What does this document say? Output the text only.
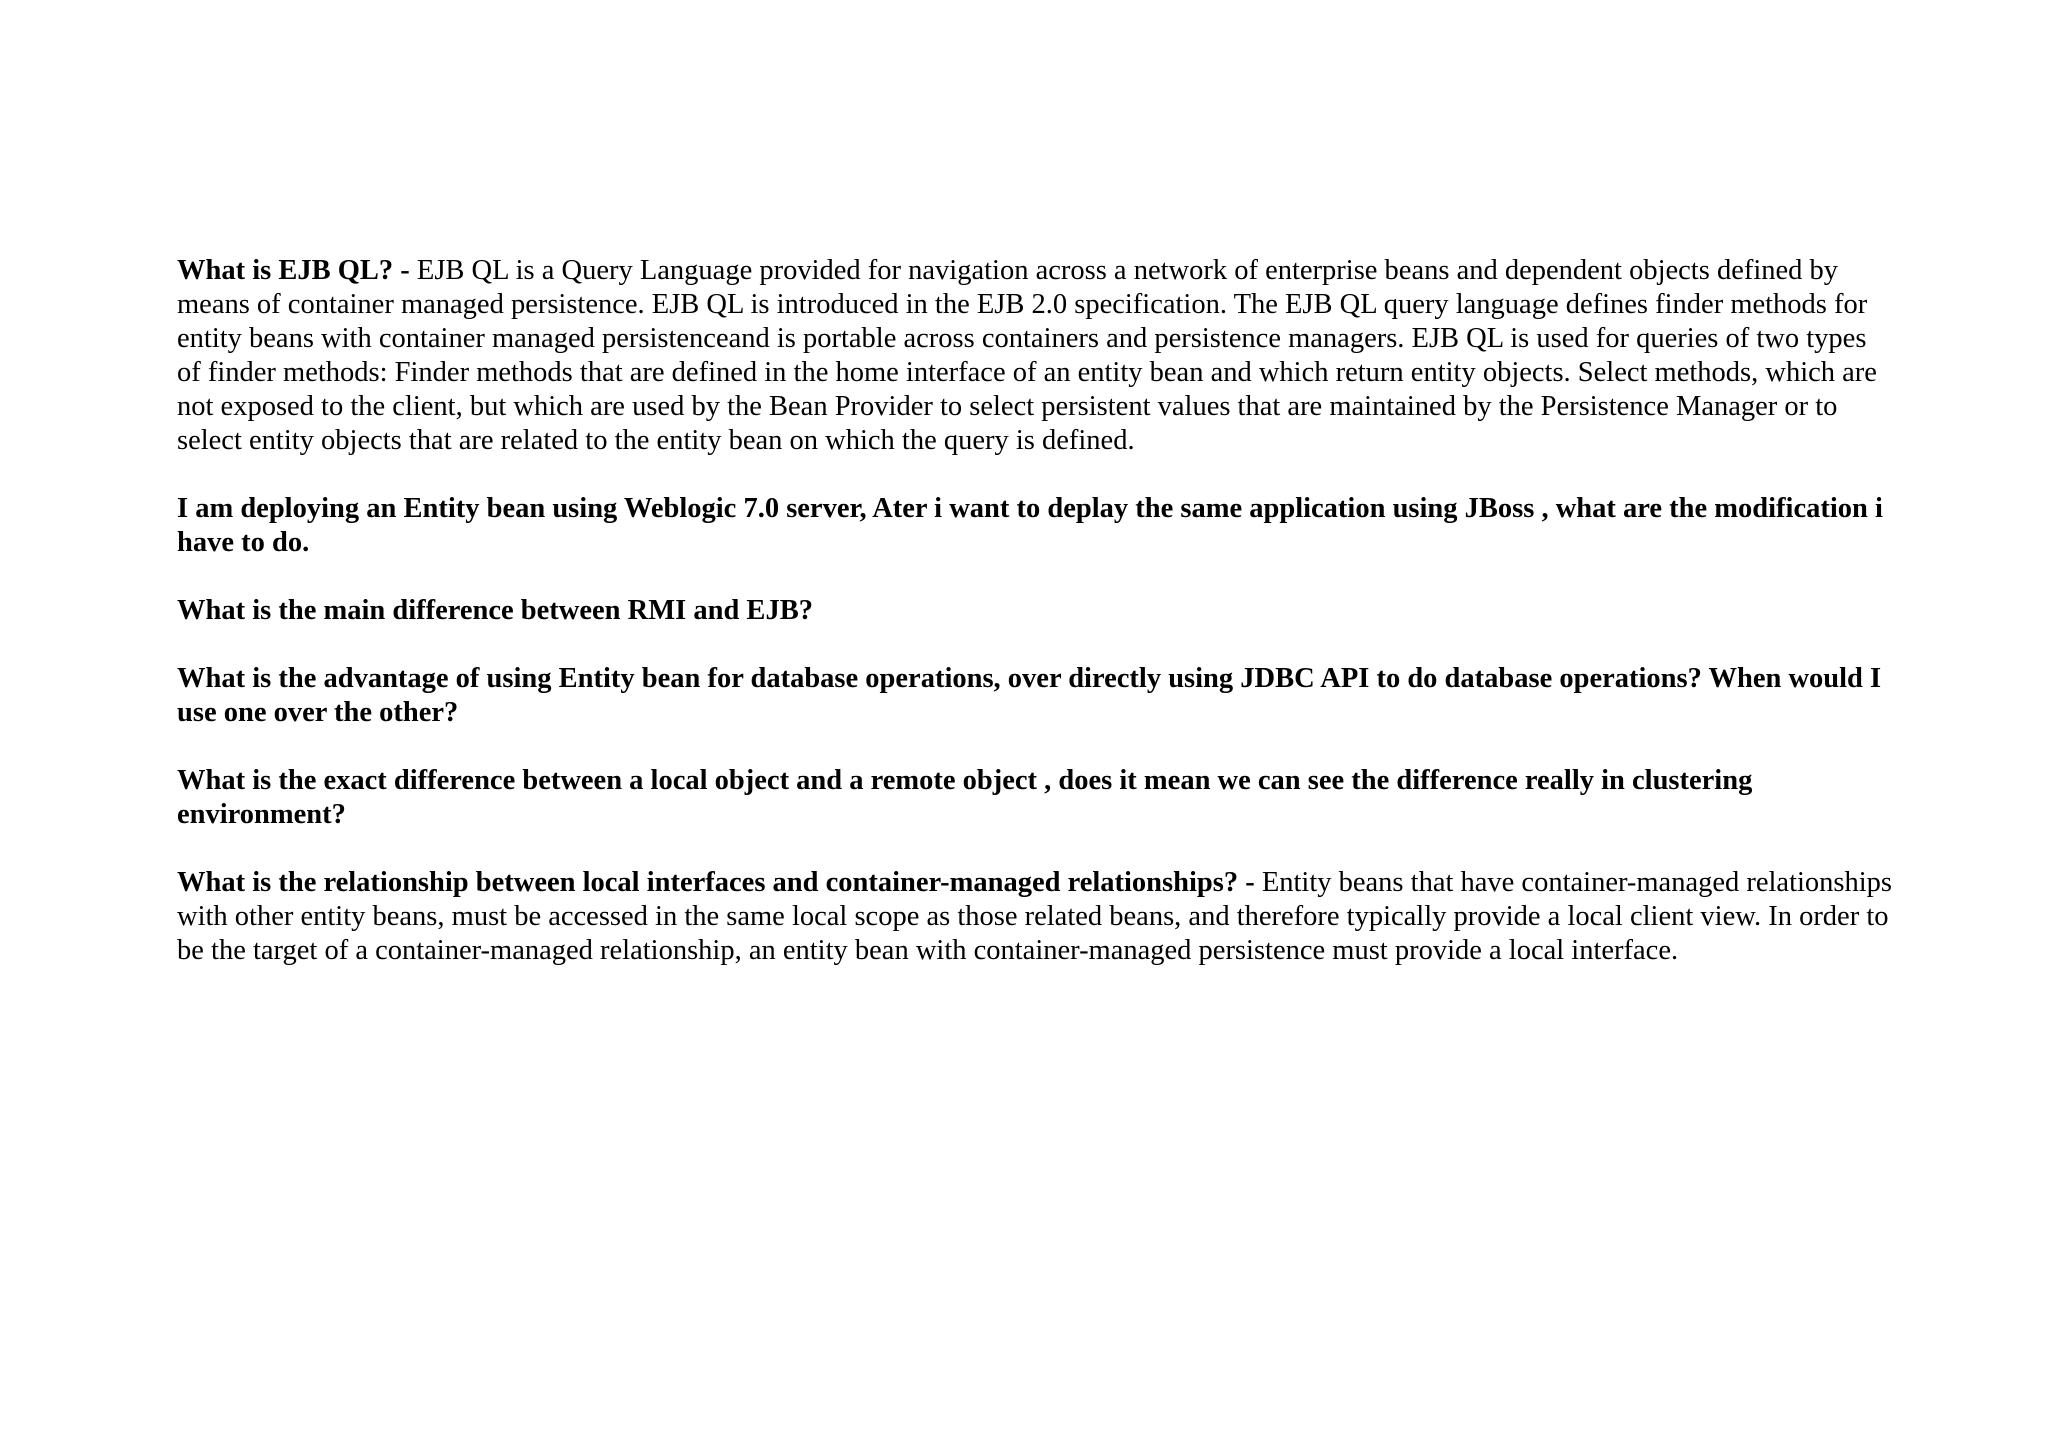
What is EJB QL? - EJB QL is a Query Language provided for navigation across a network of enterprise beans and dependent objects defined by means of container managed persistence. EJB QL is introduced in the EJB 2.0 specification. The EJB QL query language defines finder methods for entity beans with container managed persistenceand is portable across containers and persistence managers. EJB QL is used for queries of two types of finder methods: Finder methods that are defined in the home interface of an entity bean and which return entity objects. Select methods, which are not exposed to the client, but which are used by the Bean Provider to select persistent values that are maintained by the Persistence Manager or to select entity objects that are related to the entity bean on which the query is defined.

I am deploying an Entity bean using Weblogic 7.0 server, Ater i want to deplay the same application using JBoss , what are the modification i have to do.

What is the main difference between RMI and EJB?

What is the advantage of using Entity bean for database operations, over directly using JDBC API to do database operations? When would I use one over the other?

What is the exact difference between a local object and a remote object , does it mean we can see the difference really in clustering environment?

What is the relationship between local interfaces and container-managed relationships? - Entity beans that have container-managed relationships with other entity beans, must be accessed in the same local scope as those related beans, and therefore typically provide a local client view. In order to be the target of a container-managed relationship, an entity bean with container-managed persistence must provide a local interface.
